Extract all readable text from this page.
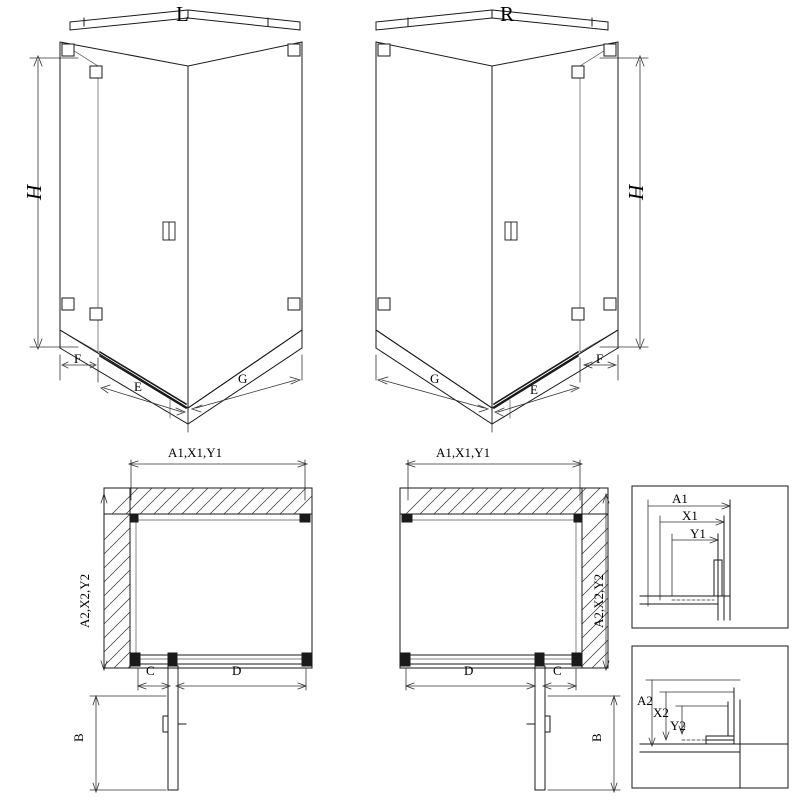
L	R
H	H
F
E
G	G
E
F
A1,X1,Y1	A1,X1,Y1
A2,X2,Y2	A2,X2,Y2
C	D	D	C
B	B
A1
X1
Y1
A2
X2
Y2
